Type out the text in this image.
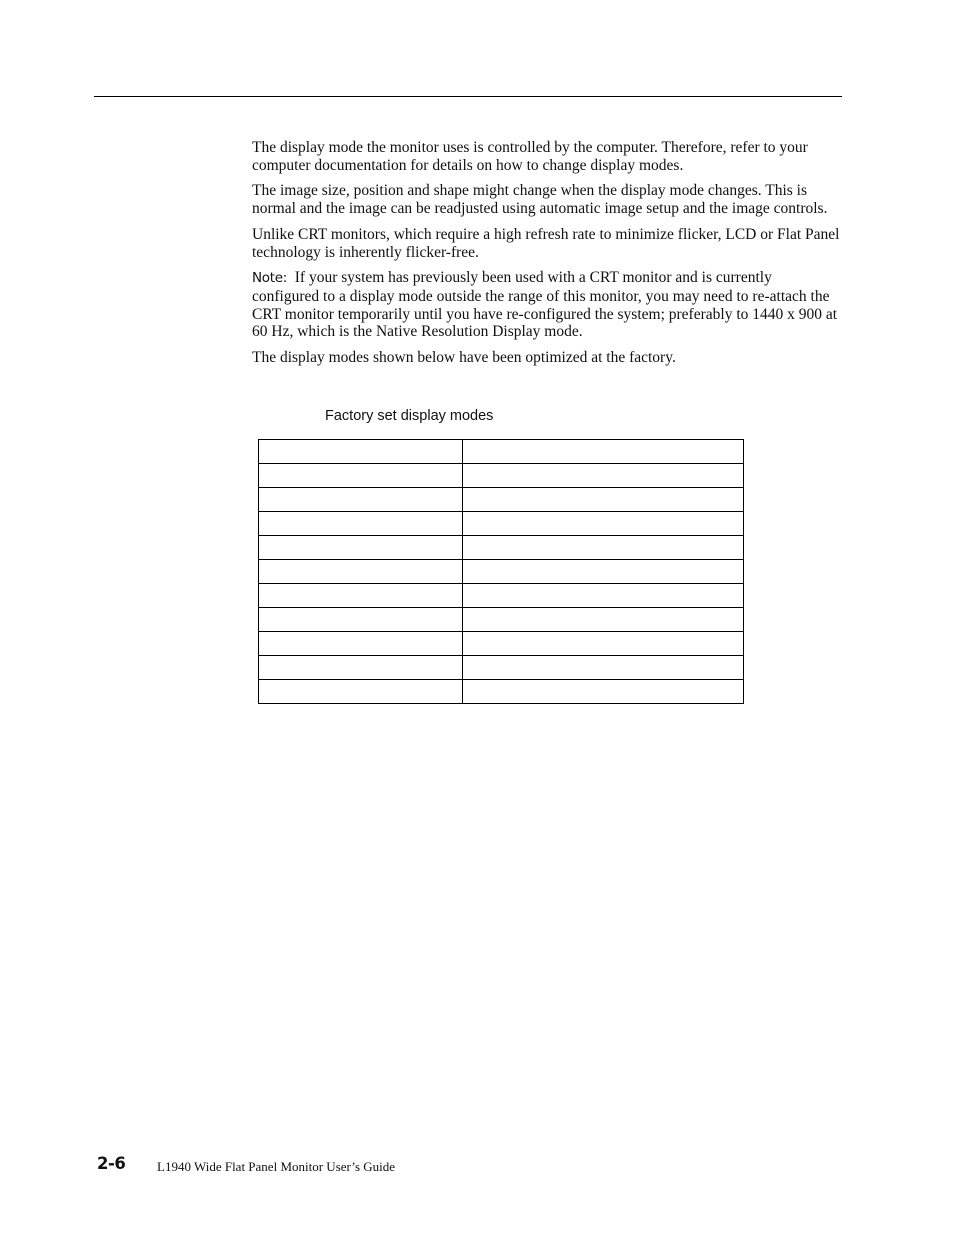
The display mode the monitor uses is controlled by the computer. Therefore, refer to your computer documentation for details on how to change display modes.

The image size, position and shape might change when the display mode changes. This is normal and the image can be readjusted using automatic image setup and the image controls.

Unlike CRT monitors, which require a high refresh rate to minimize flicker, LCD or Flat Panel technology is inherently flicker-free.

Note: If your system has previously been used with a CRT monitor and is currently configured to a display mode outside the range of this monitor, you may need to re-attach the CRT monitor temporarily until you have re-configured the system; preferably to 1440 x 900 at 60 Hz, which is the Native Resolution Display mode.

The display modes shown below have been optimized at the factory.

Factory set display modes

2-6 L1940 Wide Flat Panel Monitor User’s Guide
